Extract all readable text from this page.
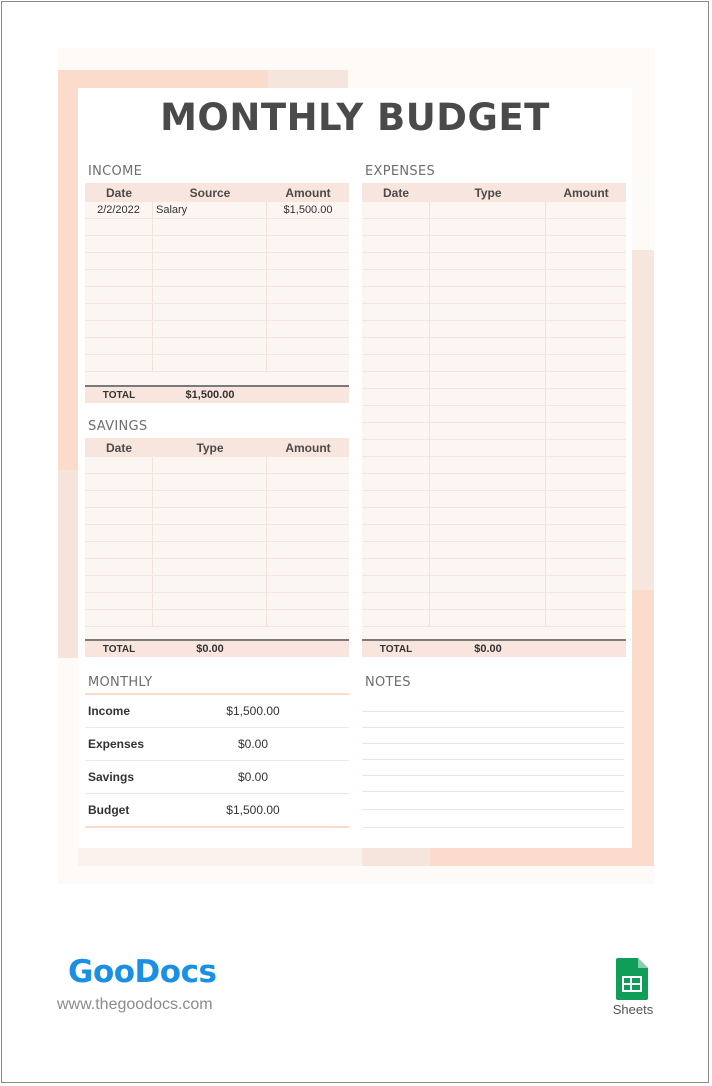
MONTHLY BUDGET
INCOME
Date	Source	Amount
2/2/2022	Salary	$1,500.00
TOTAL	$1,500.00
SAVINGS
Date	Type	Amount
TOTAL	$0.00
EXPENSES
Date	Type	Amount
TOTAL	$0.00
MONTHLY
Income	$1,500.00
Expenses	$0.00
Savings	$0.00
Budget	$1,500.00
NOTES
GooDocs
www.thegoodocs.com	Sheets
